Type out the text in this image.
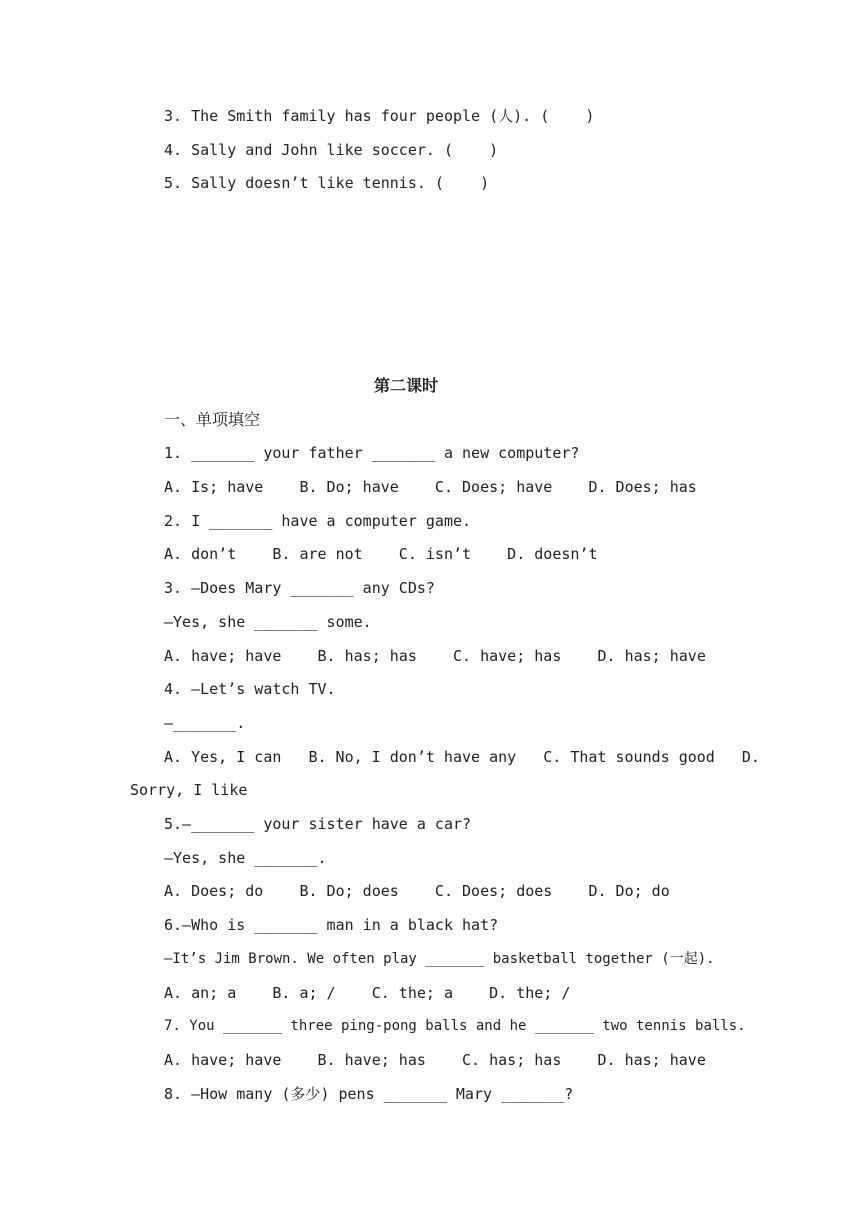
3. The Smith family has four people (人). (    )
4. Sally and John like soccer. (    )
5. Sally doesn’t like tennis. (    )
第二课时
一、单项填空
1. _______ your father _______ a new computer?
A. Is; have    B. Do; have    C. Does; have    D. Does; has
2. I _______ have a computer game.
A. don’t    B. are not    C. isn’t    D. doesn’t
3. —Does Mary _______ any CDs?
—Yes, she _______ some.
A. have; have    B. has; has    C. have; has    D. has; have
4. —Let’s watch TV.
—_______.
A. Yes, I can B. No, I don’t have any C. That sounds good D.
Sorry, I like
5.—_______ your sister have a car?
—Yes, she _______.
A. Does; do    B. Do; does    C. Does; does    D. Do; do
6.—Who is _______ man in a black hat?
—It’s Jim Brown. We often play _______ basketball together (一起).
A. an; a    B. a; /    C. the; a    D. the; /
7. You _______ three ping-pong balls and he _______ two tennis balls.
A. have; have    B. have; has    C. has; has    D. has; have
8. —How many (多少) pens _______ Mary _______?
